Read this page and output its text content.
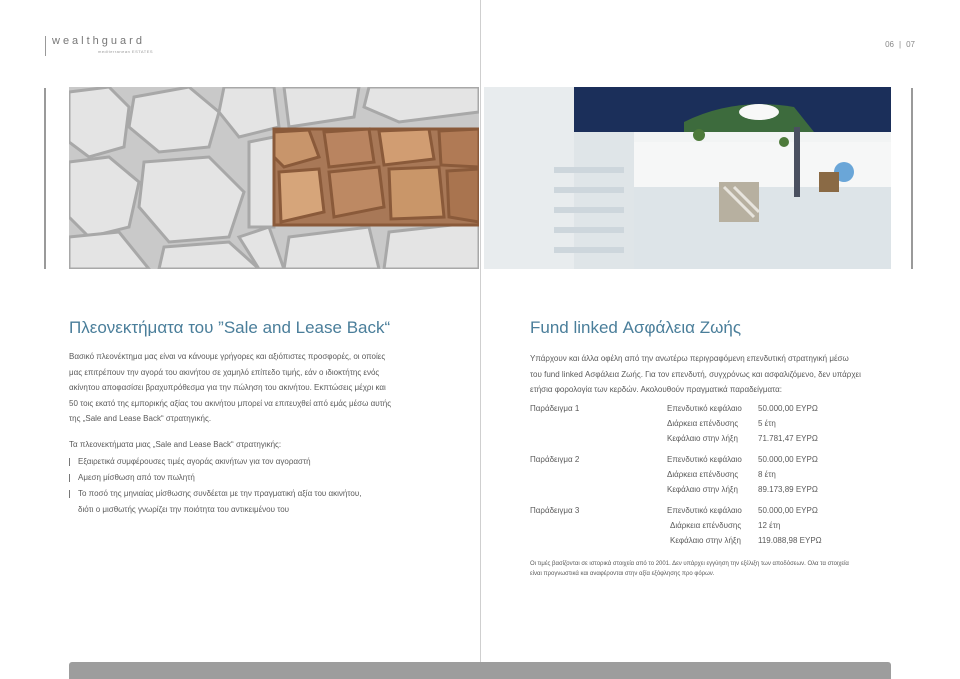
wealthguard
mediterranean ESTATES
06 | 07
Πλεονεκτήματα του ”Sale and Lease Back“

Βασικό πλεονέκτημα μας είναι να κάνουμε γρήγορες και αξιόπιστες προσφορές, οι οποίες
μας επιτρέπουν την αγορά του ακινήτου σε χαμηλό επίπεδο τιμής, εάν ο ιδιοκτήτης ενός
ακίνητου αποφασίσει βραχυπρόθεσμα για την πώληση του ακινήτου. Εκπτώσεις μέχρι και
50 τοις εκατό της εμπορικής αξίας του ακινήτου μπορεί να επιτευχθεί από εμάς μέσω αυτής
της „Sale and Lease Back“ στρατηγικής.

Τα πλεονεκτήματα μιας „Sale and Lease Back“ στρατηγικής:

Εξαιρετικά συμφέρουσες τιμές αγοράς ακινήτων για τον αγοραστή
Αμεση μίσθωση από τον πωλητή
Το ποσό της μηνιαίας μίσθωσης συνδέεται με την πραγματική αξία του ακινήτου,
διότι ο μισθωτής γνωρίζει την ποιότητα του αντικειμένου του
Fund linked Ασφάλεια Ζωής

Υπάρχουν και άλλα οφέλη από την ανωτέρω περιγραφόμενη επενδυτική στρατηγική μέσω
του fund linked Ασφάλεια Ζωής. Για τον επενδυτή, συγχρόνως και ασφαλιζόμενο, δεν υπάρχει
ετήσια φορολογία των κερδών. Ακολουθούν πραγματικά παραδείγματα:

Παράδειγμα 1	Επενδυτικό κεφάλαιο 50.000,00 ΕΥΡΩ
Διάρκεια επένδυσης 5 έτη
Κεφάλαιο στην λήξη	71.781,47 ΕΥΡΩ
Παράδειγμα 2	Επενδυτικό κεφάλαιο 50.000,00 ΕΥΡΩ
Διάρκεια επένδυσης 8 έτη
Κεφάλαιο στην λήξη	89.173,89 ΕΥΡΩ
Παράδειγμα 3	Επενδυτικό κεφάλαιο 50.000,00 ΕΥΡΩ
Διάρκεια επένδυσης 12 έτη
Κεφάλαιο στην λήξη 119.088,98 ΕΥΡΩ
Οι τιμές βασίζονται σε ιστορικά στοιχεία από το 2001. Δεν υπάρχει εγγύηση την εξέλιξη των αποδόσεων. Ολα τα στοιχεία
είναι προγνωστικά και αναφέρονται στην αξία εξόφλησης προ φόρων.
